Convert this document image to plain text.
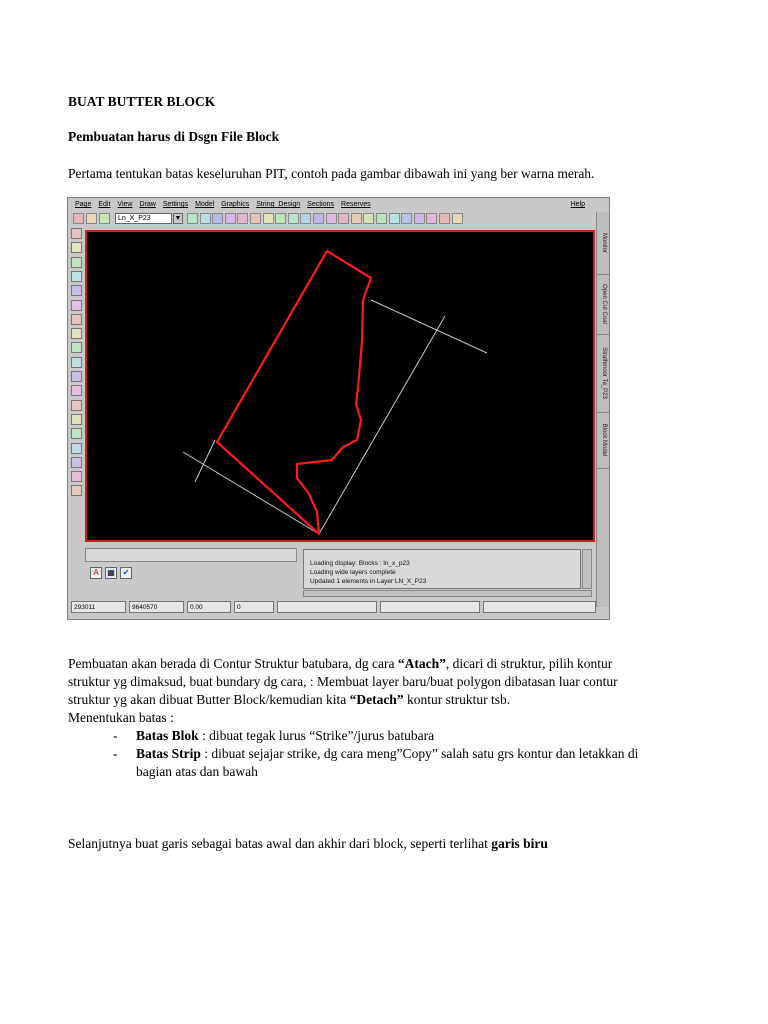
BUAT BUTTER BLOCK
Pembuatan harus di Dsgn File Block
Pertama tentukan batas keseluruhan PIT, contoh pada gambar dibawah ini yang ber warna merah.
Page Edit View Draw Settings Model Graphics String_Design Sections Reserves	Help
Ln_X_P23	▼
Monitor
Open Cut Coal
Strathmoor Ta_P23
Block Model
A	▦ ✔
Loading display: Blocks : ln_x_p23
Loading wide layers complete
Updated 1 elements in Layer LN_X_P23
293011	9640570	0.00	0
Pembuatan akan berada di Contur Struktur batubara, dg cara “Atach”, dicari di struktur, pilih kontur
struktur yg dimaksud, buat bundary dg cara, : Membuat layer baru/buat polygon dibatasan luar contur
struktur yg akan dibuat Butter Block/kemudian kita “Detach” kontur struktur tsb.
Menentukan batas :
- Batas Blok : dibuat tegak lurus “Strike”/jurus batubara
- Batas Strip : dibuat sejajar strike, dg cara meng”Copy” salah satu grs kontur dan letakkan di
bagian atas dan bawah
Selanjutnya buat garis sebagai batas awal dan akhir dari block, seperti terlihat garis biru
